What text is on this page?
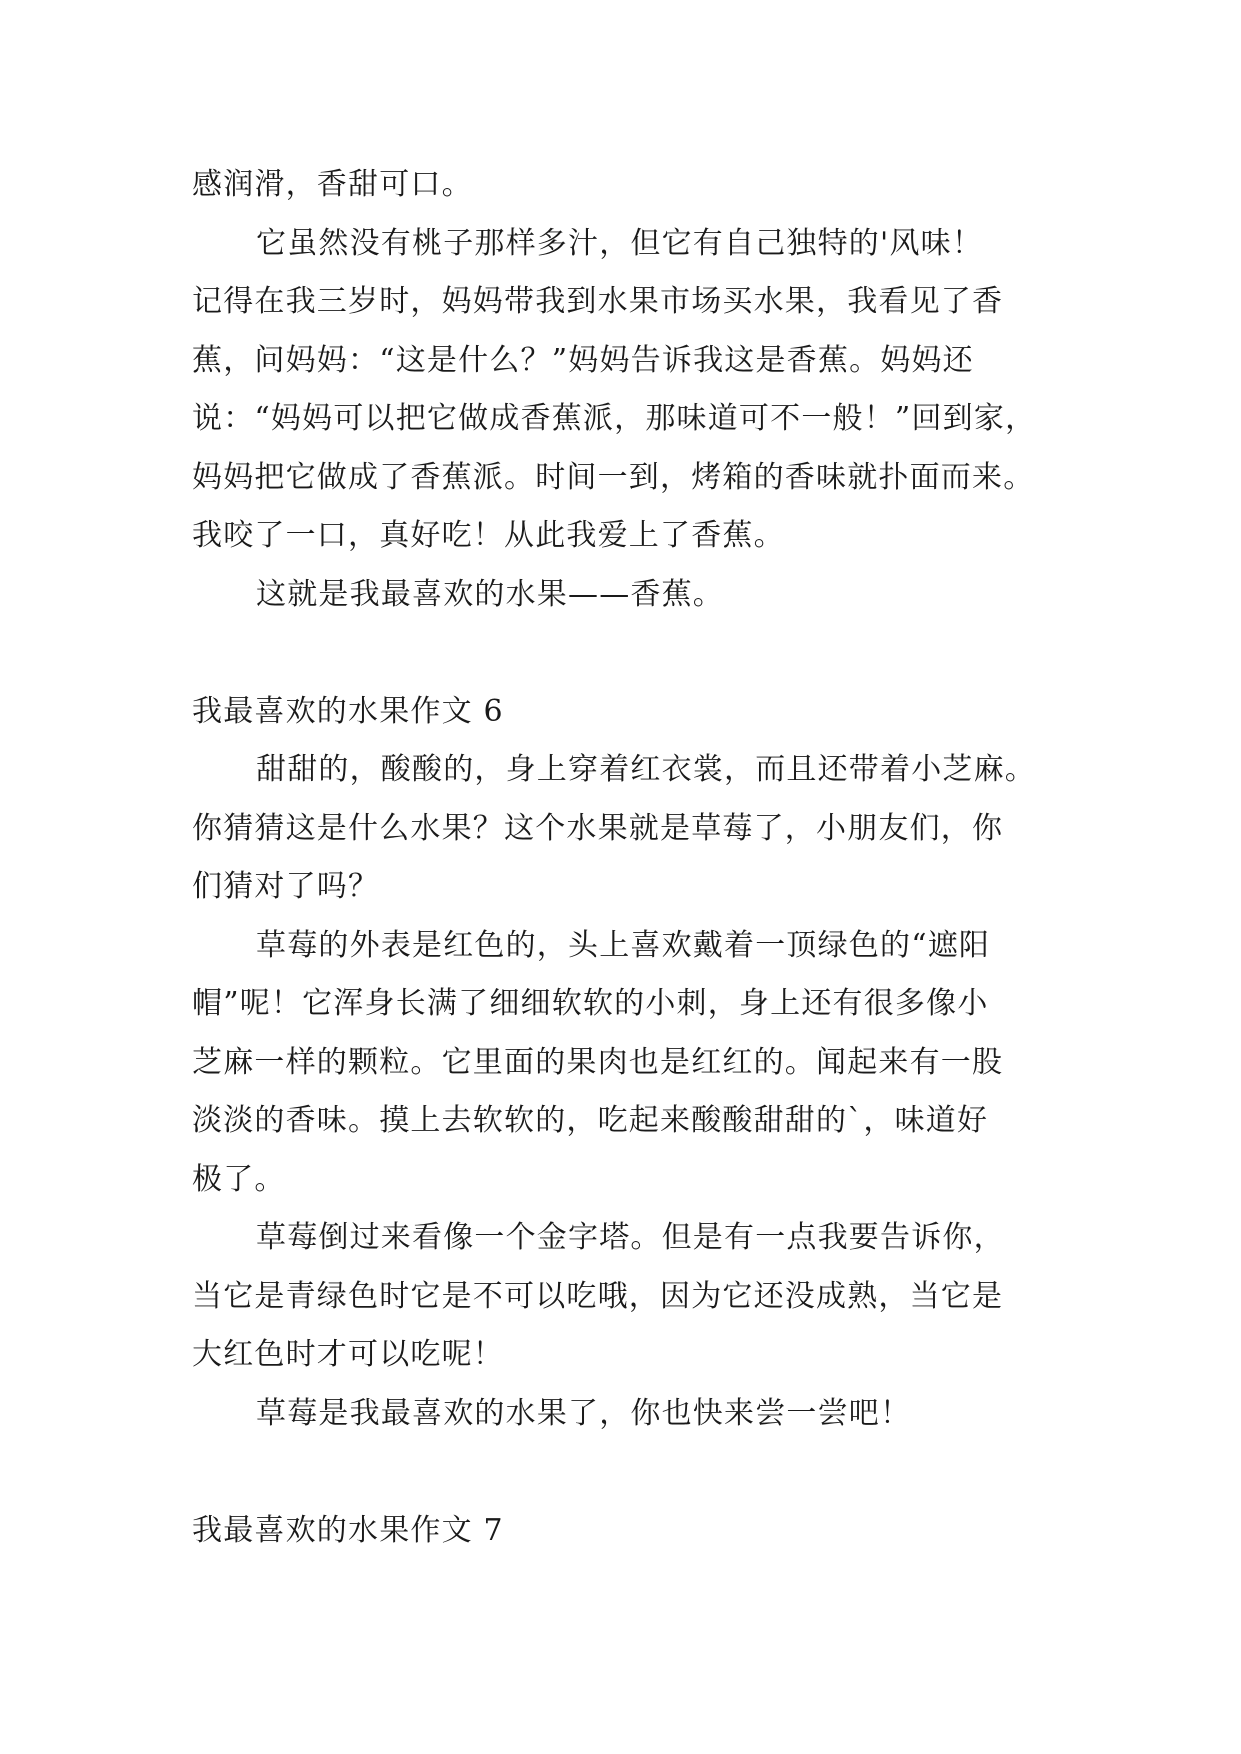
感润滑，香甜可口。
它虽然没有桃子那样多汁，但它有自己独特的'风味！
记得在我三岁时，妈妈带我到水果市场买水果，我看见了香
蕉，问妈妈：“这是什么？”妈妈告诉我这是香蕉。妈妈还
说：“妈妈可以把它做成香蕉派，那味道可不一般！”回到家，
妈妈把它做成了香蕉派。时间一到，烤箱的香味就扑面而来。
我咬了一口，真好吃！从此我爱上了香蕉。
这就是我最喜欢的水果——香蕉。
我最喜欢的水果作文 6
甜甜的，酸酸的，身上穿着红衣裳，而且还带着小芝麻。
你猜猜这是什么水果？这个水果就是草莓了，小朋友们，你
们猜对了吗？
草莓的外表是红色的，头上喜欢戴着一顶绿色的“遮阳
帽”呢！它浑身长满了细细软软的小刺，身上还有很多像小
芝麻一样的颗粒。它里面的果肉也是红红的。闻起来有一股
淡淡的香味。摸上去软软的，吃起来酸酸甜甜的`，味道好
极了。
草莓倒过来看像一个金字塔。但是有一点我要告诉你，
当它是青绿色时它是不可以吃哦，因为它还没成熟，当它是
大红色时才可以吃呢！
草莓是我最喜欢的水果了，你也快来尝一尝吧！
我最喜欢的水果作文 7
